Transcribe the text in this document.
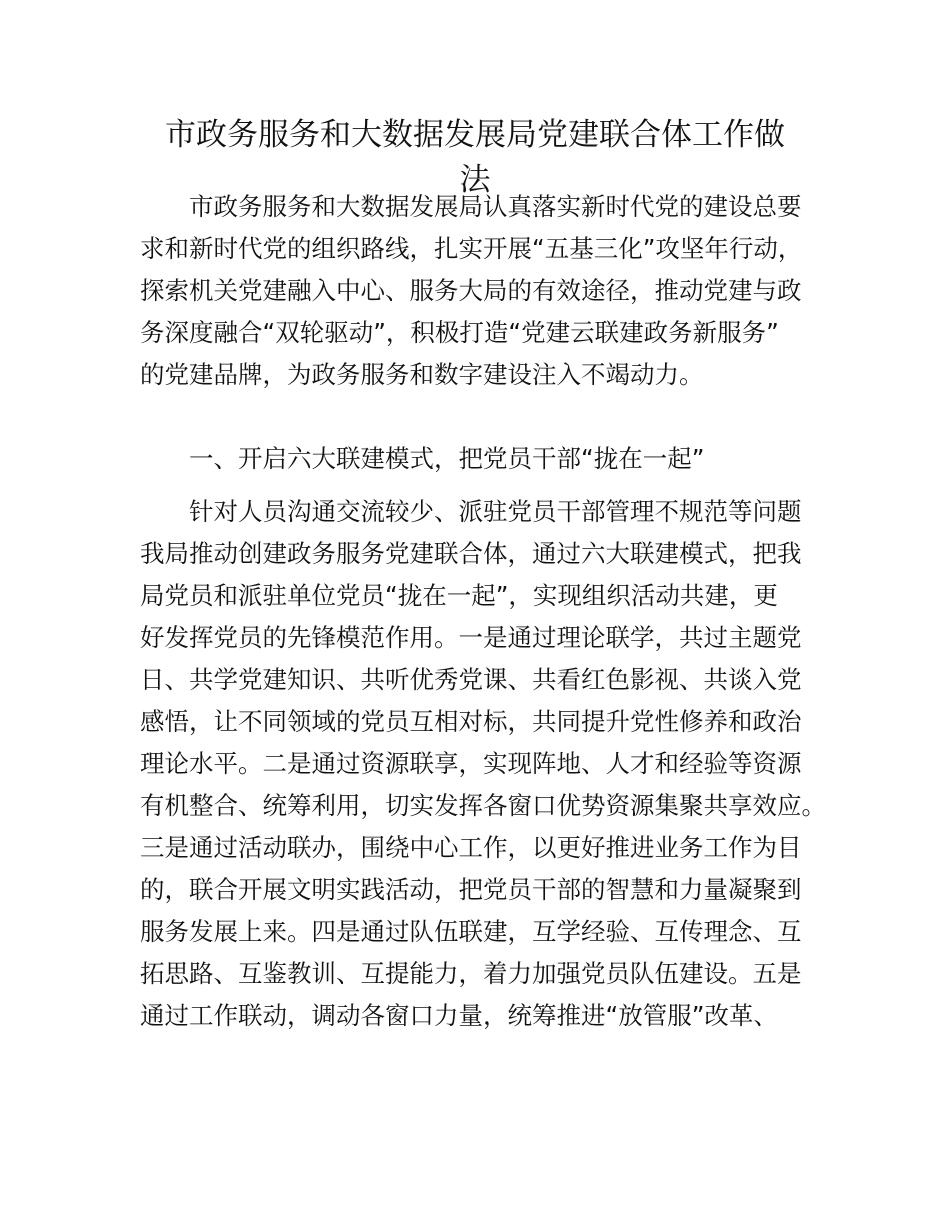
市政务服务和大数据发展局党建联合体工作做
法
市政务服务和大数据发展局认真落实新时代党的建设总要
求和新时代党的组织路线，扎实开展“五基三化”攻坚年行动，
探索机关党建融入中心、服务大局的有效途径，推动党建与政
务深度融合“双轮驱动”，积极打造“党建云联建政务新服务”
的党建品牌，为政务服务和数字建设注入不竭动力。
一、开启六大联建模式，把党员干部“拢在一起”
针对人员沟通交流较少、派驻党员干部管理不规范等问题
我局推动创建政务服务党建联合体，通过六大联建模式，把我
局党员和派驻单位党员“拢在一起”，实现组织活动共建，更
好发挥党员的先锋模范作用。一是通过理论联学，共过主题党
日、共学党建知识、共听优秀党课、共看红色影视、共谈入党
感悟，让不同领域的党员互相对标，共同提升党性修养和政治
理论水平。二是通过资源联享，实现阵地、人才和经验等资源
有机整合、统筹利用，切实发挥各窗口优势资源集聚共享效应。
三是通过活动联办，围绕中心工作，以更好推进业务工作为目
的，联合开展文明实践活动，把党员干部的智慧和力量凝聚到
服务发展上来。四是通过队伍联建，互学经验、互传理念、互
拓思路、互鉴教训、互提能力，着力加强党员队伍建设。五是
通过工作联动，调动各窗口力量，统筹推进“放管服”改革、
